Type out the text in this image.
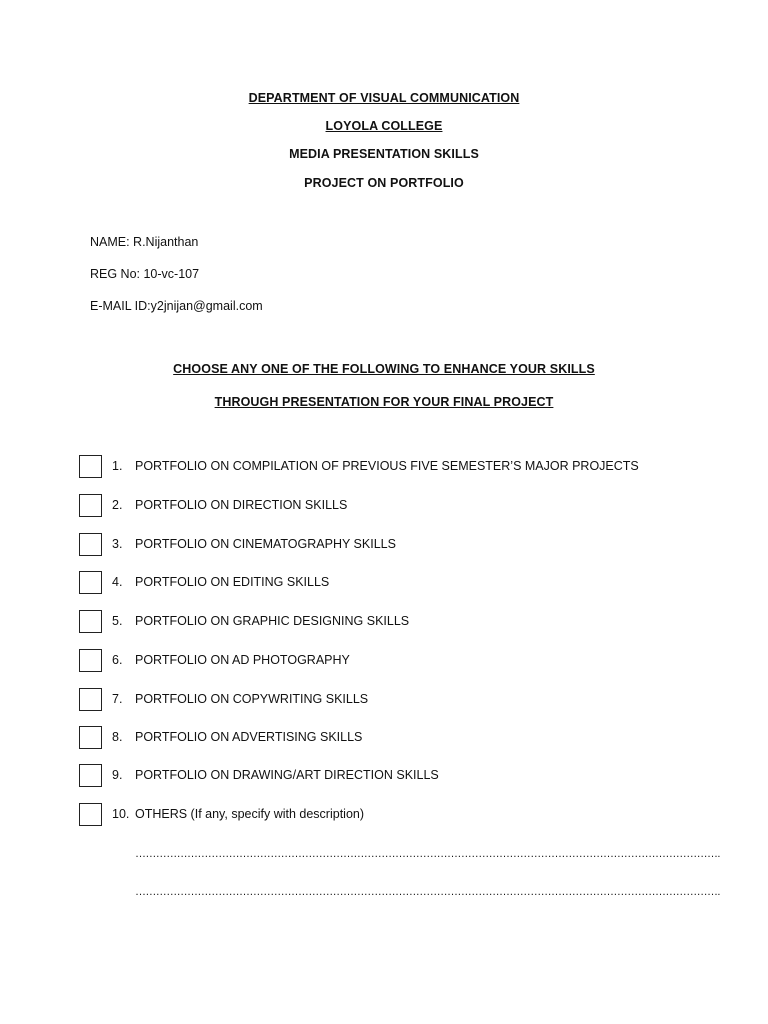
DEPARTMENT OF VISUAL COMMUNICATION
LOYOLA COLLEGE
MEDIA PRESENTATION SKILLS
PROJECT ON PORTFOLIO
NAME: R.Nijanthan
REG No: 10-vc-107
E-MAIL ID:y2jnijan@gmail.com
CHOOSE ANY ONE OF THE FOLLOWING TO ENHANCE YOUR SKILLS
THROUGH PRESENTATION FOR YOUR FINAL PROJECT
1. PORTFOLIO ON COMPILATION OF PREVIOUS FIVE SEMESTER’S MAJOR PROJECTS
2. PORTFOLIO ON DIRECTION SKILLS
3. PORTFOLIO ON CINEMATOGRAPHY SKILLS
4. PORTFOLIO ON EDITING SKILLS
5. PORTFOLIO ON GRAPHIC DESIGNING SKILLS
6. PORTFOLIO ON AD PHOTOGRAPHY
7. PORTFOLIO ON COPYWRITING SKILLS
8. PORTFOLIO ON ADVERTISING SKILLS
9. PORTFOLIO ON DRAWING/ART DIRECTION SKILLS
10. OTHERS (If any, specify with description)
…………………………………………………………………………………………………………………………………………………….
…………………………………………………………………………………………………………………………………………………….
